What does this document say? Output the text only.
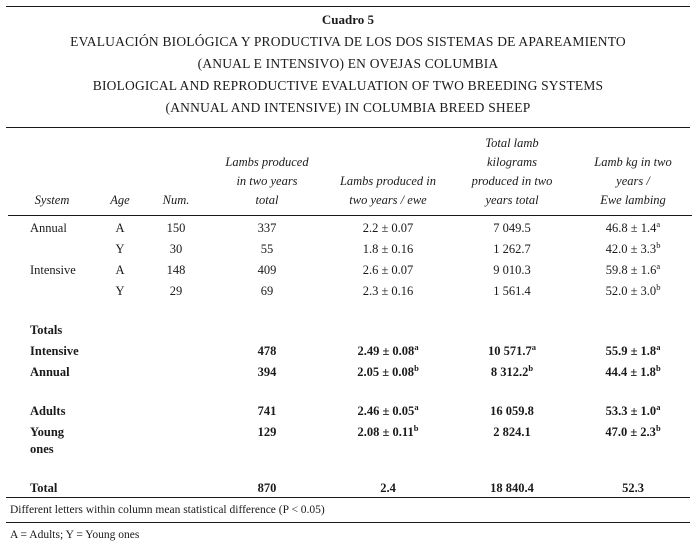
Cuadro 5
EVALUACIÓN BIOLÓGICA Y PRODUCTIVA DE LOS DOS SISTEMAS DE APAREAMIENTO
(ANUAL E INTENSIVO) EN OVEJAS COLUMBIA
BIOLOGICAL AND REPRODUCTIVE EVALUATION OF TWO BREEDING SYSTEMS
(ANNUAL AND INTENSIVE) IN COLUMBIA BREED SHEEP
System	Age	Num.	Lambs produced
in two years
total	Lambs produced in
two years / ewe	Total lamb
kilograms
produced in two
years total	Lamb kg in two
years /
Ewe lambing
Annual	A	150	337	2.2 ± 0.07	7 049.5	46.8 ± 1.4$^a$
	Y	30	55	1.8 ± 0.16	1 262.7	42.0 ± 3.3$^b$
Intensive	A	148	409	2.6 ± 0.07	9 010.3	59.8 ± 1.6$^a$
	Y	29	69	2.3 ± 0.16	1 561.4	52.0 ± 3.0$^b$

Totals						
Intensive			478	2.49 ± 0.08$^a$	10 571.7$^a$	55.9 ± 1.8$^a$
Annual			394	2.05 ± 0.08$^b$	8 312.2$^b$	44.4 ± 1.8$^b$

Adults			741	2.46 ± 0.05$^a$	16 059.8	53.3 ± 1.0$^a$
Young
ones			129	2.08 ± 0.11$^b$	2 824.1	47.0 ± 2.3$^b$

Total			870	2.4	18 840.4	52.3
Different letters within column mean statistical difference (P < 0.05)
A = Adults; Y = Young ones
